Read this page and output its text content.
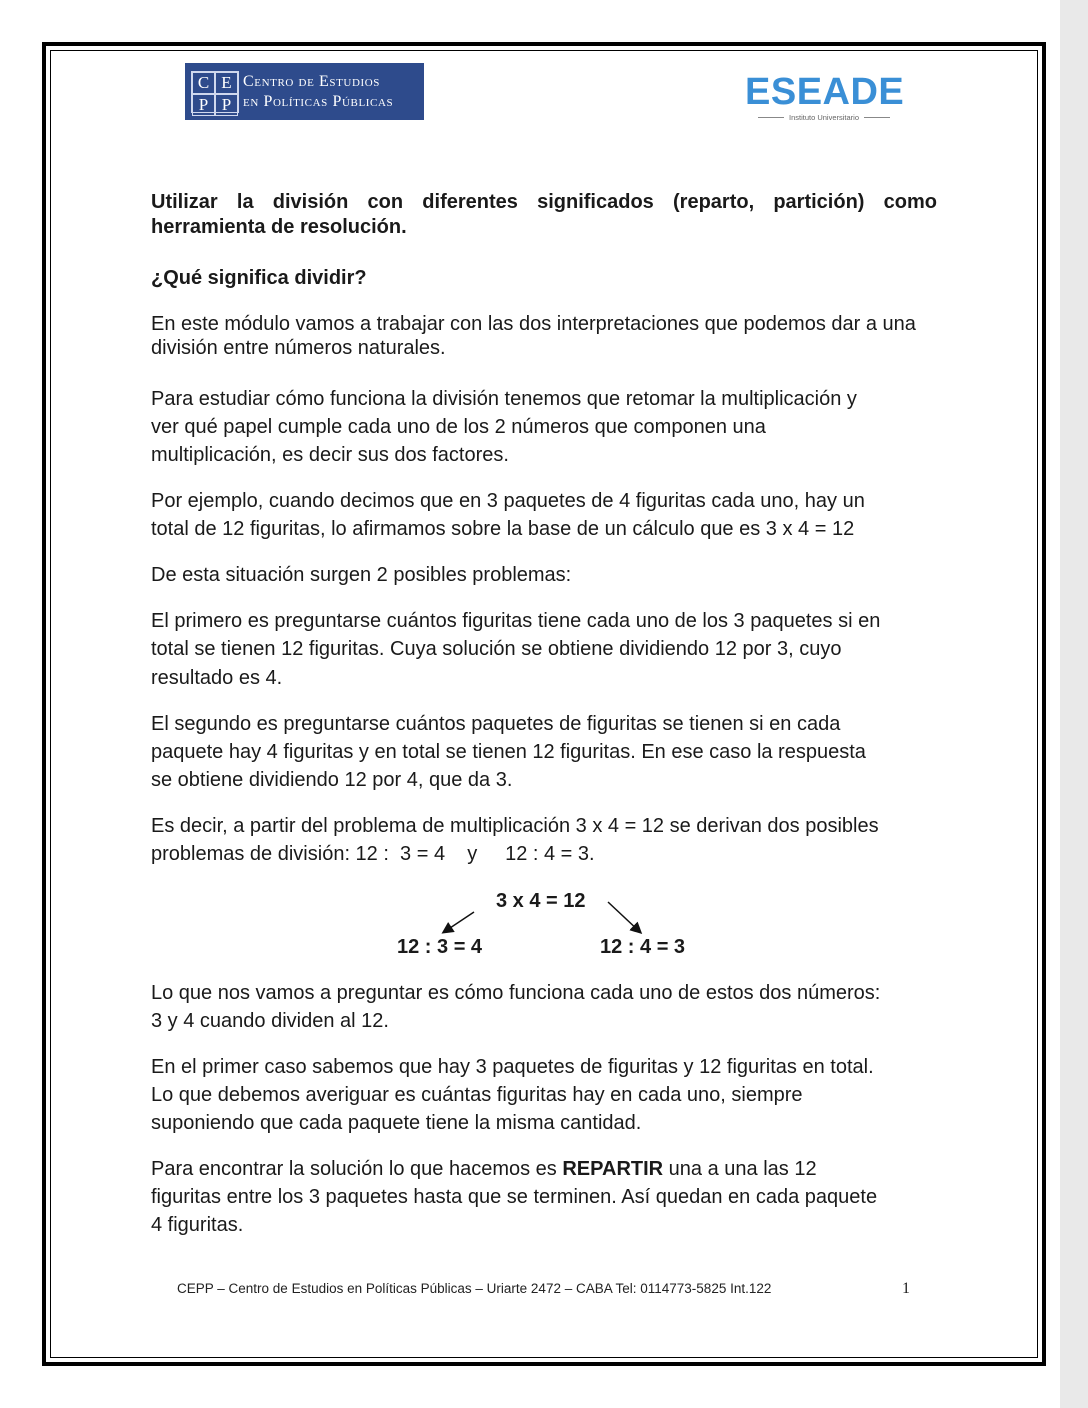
C E
P P
Centro de Estudios
en Políticas Públicas	ESEADE
Instituto Universitario

Utilizar la división con diferentes significados (reparto, partición) como herramienta de resolución.

¿Qué significa dividir?

En este módulo vamos a trabajar con las dos interpretaciones que podemos dar a una división entre números naturales.

Para estudiar cómo funciona la división tenemos que retomar la multiplicación y
ver qué papel cumple cada uno de los 2 números que componen una
multiplicación, es decir sus dos factores.
Por ejemplo, cuando decimos que en 3 paquetes de 4 figuritas cada uno, hay un
total de 12 figuritas, lo afirmamos sobre la base de un cálculo que es 3 x 4 = 12
De esta situación surgen 2 posibles problemas:
El primero es preguntarse cuántos figuritas tiene cada uno de los 3 paquetes si en
total se tienen 12 figuritas. Cuya solución se obtiene dividiendo 12 por 3, cuyo
resultado es 4.
El segundo es preguntarse cuántos paquetes de figuritas se tienen si en cada
paquete hay 4 figuritas y en total se tienen 12 figuritas. En ese caso la respuesta
se obtiene dividiendo 12 por 4, que da 3.
Es decir, a partir del problema de multiplicación 3 x 4 = 12 se derivan dos posibles
problemas de división: 12 :  3 = 4    y     12 : 4 = 3.
3 x 4 = 12
12 : 3 = 4	12 : 4 = 3
Lo que nos vamos a preguntar es cómo funciona cada uno de estos dos números:
3 y 4 cuando dividen al 12.
En el primer caso sabemos que hay 3 paquetes de figuritas y 12 figuritas en total.
Lo que debemos averiguar es cuántas figuritas hay en cada uno, siempre
suponiendo que cada paquete tiene la misma cantidad.
Para encontrar la solución lo que hacemos es REPARTIR una a una las 12
figuritas entre los 3 paquetes hasta que se terminen. Así quedan en cada paquete
4 figuritas.
CEPP – Centro de Estudios en Políticas Públicas – Uriarte 2472 – CABA Tel: 0114773-5825 Int.122	1
